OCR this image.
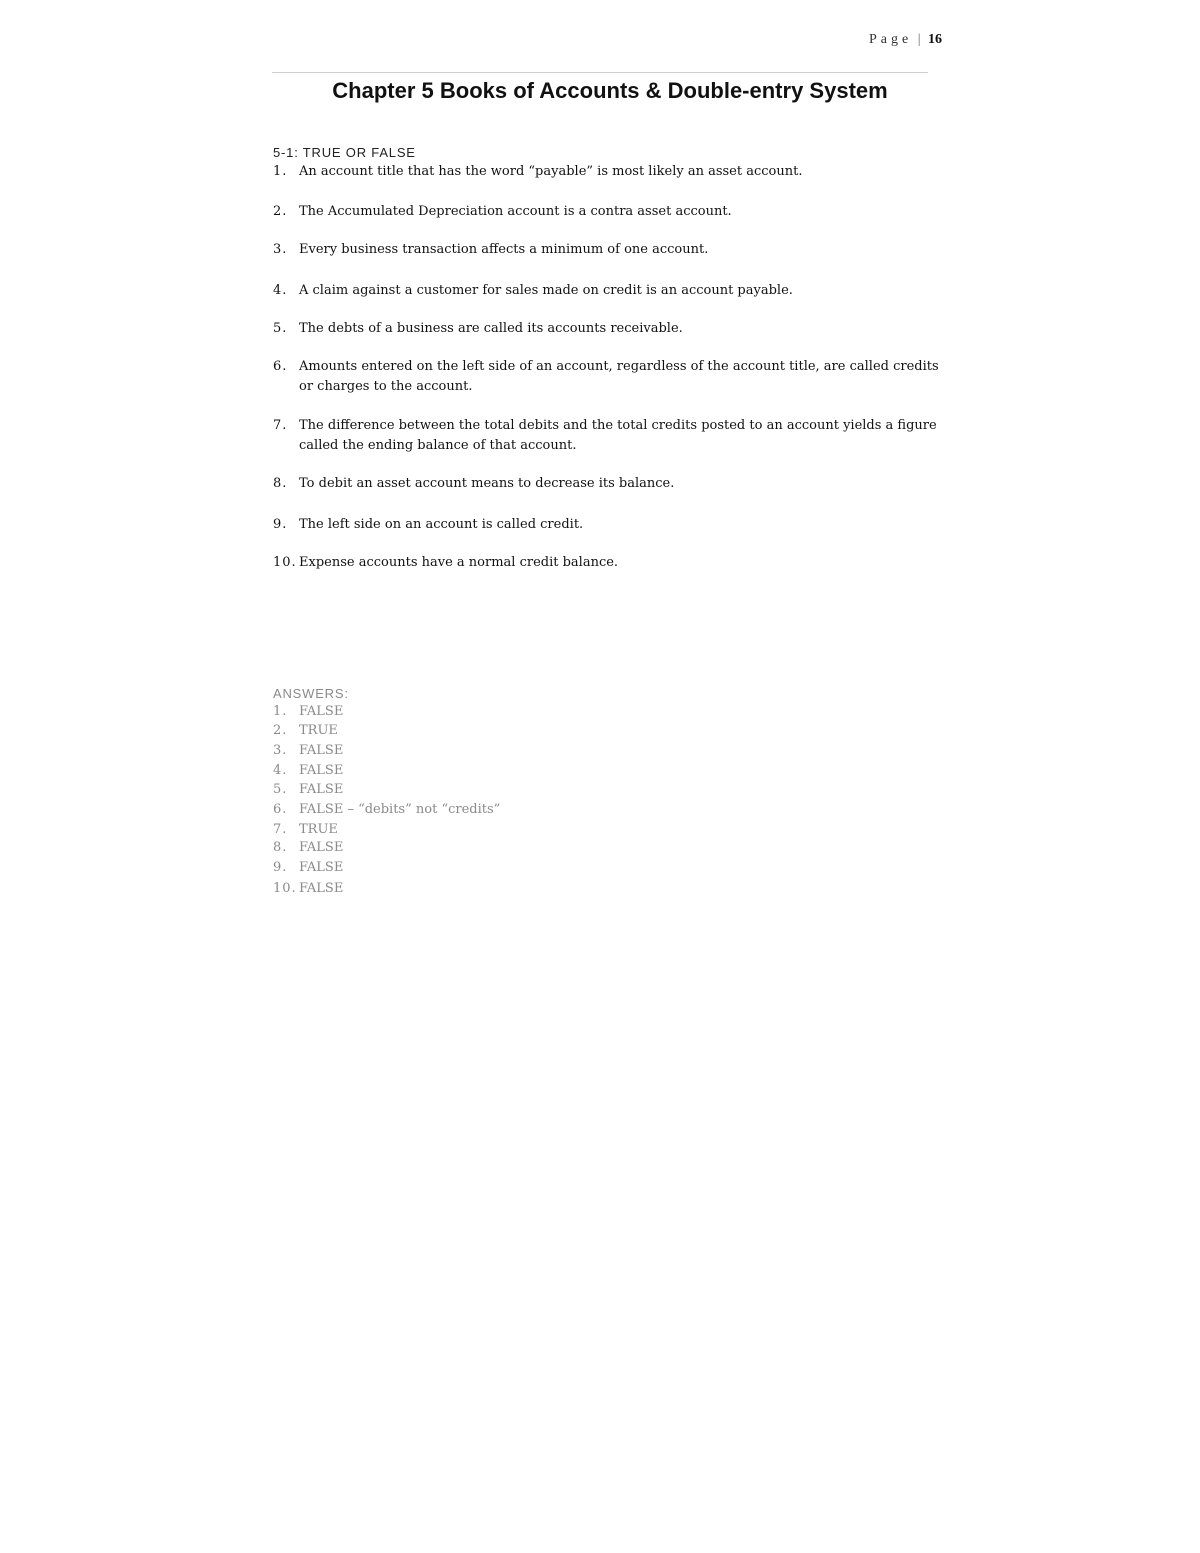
Page | 16
Chapter 5 Books of Accounts & Double-entry System
5-1: TRUE OR FALSE
1. An account title that has the word “payable” is most likely an asset account.
2. The Accumulated Depreciation account is a contra asset account.
3. Every business transaction affects a minimum of one account.
4. A claim against a customer for sales made on credit is an account payable.
5. The debts of a business are called its accounts receivable.
6. Amounts entered on the left side of an account, regardless of the account title, are called credits or charges to the account.
7. The difference between the total debits and the total credits posted to an account yields a figure called the ending balance of that account.
8. To debit an asset account means to decrease its balance.
9. The left side on an account is called credit.
10. Expense accounts have a normal credit balance.
ANSWERS:
1. FALSE
2. TRUE
3. FALSE
4. FALSE
5. FALSE
6. FALSE – “debits” not “credits”
7. TRUE
8. FALSE
9. FALSE
10. FALSE
